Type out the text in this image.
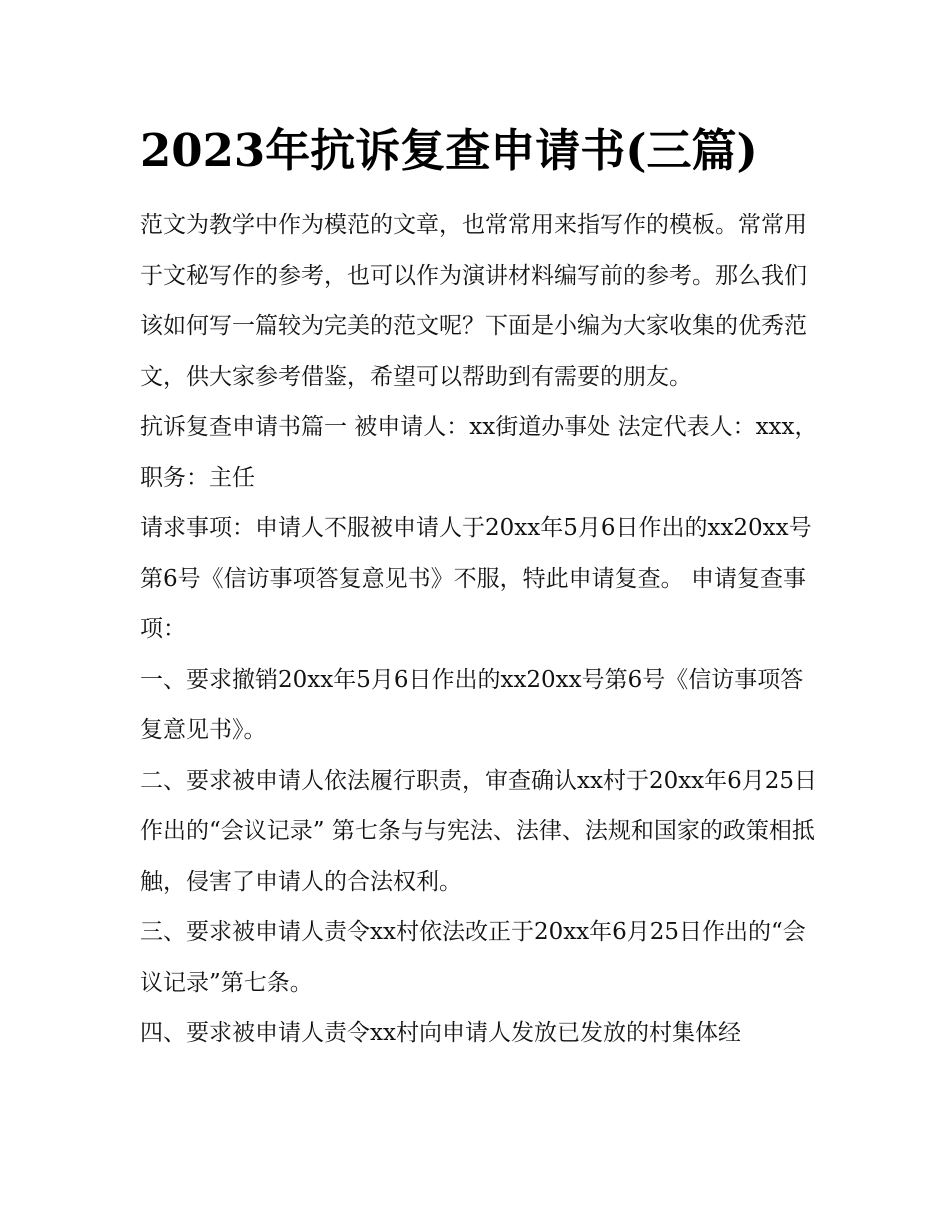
2023年抗诉复查申请书(三篇)

范文为教学中作为模范的文章，也常常用来指写作的模板。常常用于文秘写作的参考，也可以作为演讲材料编写前的参考。那么我们该如何写一篇较为完美的范文呢？下面是小编为大家收集的优秀范文，供大家参考借鉴，希望可以帮助到有需要的朋友。

抗诉复查申请书篇一 被申请人：xx街道办事处 法定代表人：xxx，职务：主任

请求事项：申请人不服被申请人于20xx年5月6日作出的xx20xx号第6号《信访事项答复意见书》不服，特此申请复查。 申请复查事项：

一、要求撤销20xx年5月6日作出的xx20xx号第6号《信访事项答复意见书》。

二、要求被申请人依法履行职责，审查确认xx村于20xx年6月25日作出的“会议记录” 第七条与与宪法、法律、法规和国家的政策相抵触，侵害了申请人的合法权利。

三、要求被申请人责令xx村依法改正于20xx年6月25日作出的“会议记录”第七条。

四、要求被申请人责令xx村向申请人发放已发放的村集体经
